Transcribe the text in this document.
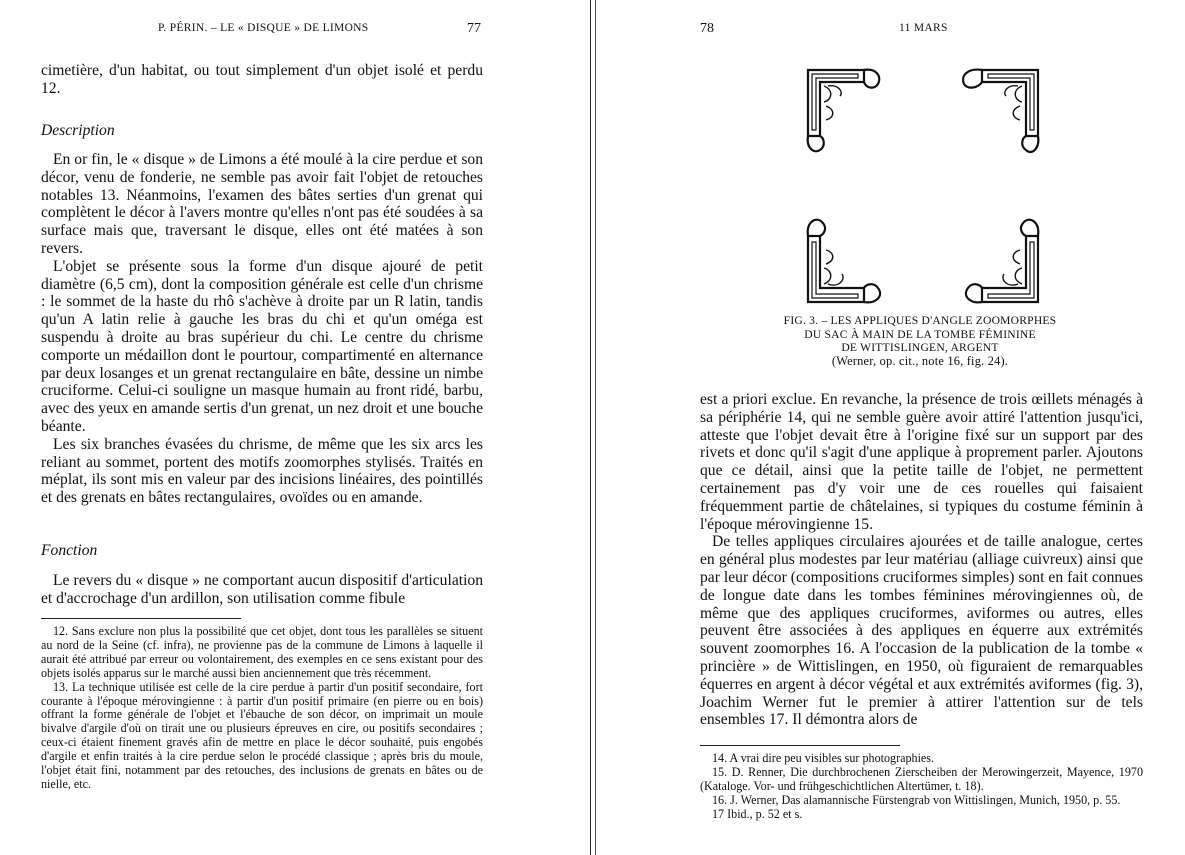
P. PÉRIN. – LE « DISQUE » DE LIMONS	77

cimetière, d'un habitat, ou tout simplement d'un objet isolé et perdu 12.

Description

En or fin, le « disque » de Limons a été moulé à la cire perdue et son décor, venu de fonderie, ne semble pas avoir fait l'objet de retouches notables 13. Néanmoins, l'examen des bâtes serties d'un grenat qui complètent le décor à l'avers montre qu'elles n'ont pas été soudées à sa surface mais que, traversant le disque, elles ont été matées à son revers.

L'objet se présente sous la forme d'un disque ajouré de petit diamètre (6,5 cm), dont la composition générale est celle d'un chrisme : le sommet de la haste du rhô s'achève à droite par un R latin, tandis qu'un A latin relie à gauche les bras du chi et qu'un oméga est suspendu à droite au bras supérieur du chi. Le centre du chrisme comporte un médaillon dont le pourtour, compartimenté en alternance par deux losanges et un grenat rectangulaire en bâte, dessine un nimbe cruciforme. Celui-ci souligne un masque humain au front ridé, barbu, avec des yeux en amande sertis d'un grenat, un nez droit et une bouche béante.

Les six branches évasées du chrisme, de même que les six arcs les reliant au sommet, portent des motifs zoomorphes stylisés. Traités en méplat, ils sont mis en valeur par des incisions linéaires, des pointillés et des grenats en bâtes rectangulaires, ovoïdes ou en amande.

Fonction

Le revers du « disque » ne comportant aucun dispositif d'articulation et d'accrochage d'un ardillon, son utilisation comme fibule

12. Sans exclure non plus la possibilité que cet objet, dont tous les parallèles se situent au nord de la Seine (cf. infra), ne provienne pas de la commune de Limons à laquelle il aurait été attribué par erreur ou volontairement, des exemples en ce sens existant pour des objets isolés apparus sur le marché aussi bien anciennement que très récemment.

13. La technique utilisée est celle de la cire perdue à partir d'un positif secondaire, fort courante à l'époque mérovingienne : à partir d'un positif primaire (en pierre ou en bois) offrant la forme générale de l'objet et l'ébauche de son décor, on imprimait un moule bivalve d'argile d'où on tirait une ou plusieurs épreuves en cire, ou positifs secondaires ; ceux-ci étaient finement gravés afin de mettre en place le décor souhaité, puis engobés d'argile et enfin traités à la cire perdue selon le procédé classique ; après bris du moule, l'objet était fini, notamment par des retouches, des inclusions de grenats en bâtes ou de nielle, etc.

78	11 MARS
FIG. 3. – LES APPLIQUES D'ANGLE ZOOMORPHES
DU SAC À MAIN DE LA TOMBE FÉMININE
DE WITTISLINGEN, ARGENT
(Werner, op. cit., note 16, fig. 24).

est a priori exclue. En revanche, la présence de trois œillets ménagés à sa périphérie 14, qui ne semble guère avoir attiré l'attention jusqu'ici, atteste que l'objet devait être à l'origine fixé sur un support par des rivets et donc qu'il s'agit d'une applique à proprement parler. Ajoutons que ce détail, ainsi que la petite taille de l'objet, ne permettent certainement pas d'y voir une de ces rouelles qui faisaient fréquemment partie de châtelaines, si typiques du costume féminin à l'époque mérovingienne 15.

De telles appliques circulaires ajourées et de taille analogue, certes en général plus modestes par leur matériau (alliage cuivreux) ainsi que par leur décor (compositions cruciformes simples) sont en fait connues de longue date dans les tombes féminines mérovingiennes où, de même que des appliques cruciformes, aviformes ou autres, elles peuvent être associées à des appliques en équerre aux extrémités souvent zoomorphes 16. A l'occasion de la publication de la tombe « princière » de Wittislingen, en 1950, où figuraient de remarquables équerres en argent à décor végétal et aux extrémités aviformes (fig. 3), Joachim Werner fut le premier à attirer l'attention sur de tels ensembles 17. Il démontra alors de

14. A vrai dire peu visibles sur photographies.

15. D. Renner, Die durchbrochenen Zierscheiben der Merowingerzeit, Mayence, 1970 (Kataloge. Vor- und frühgeschichtlichen Altertümer, t. 18).

16. J. Werner, Das alamannische Fürstengrab von Wittislingen, Munich, 1950, p. 55.

17 Ibid., p. 52 et s.
